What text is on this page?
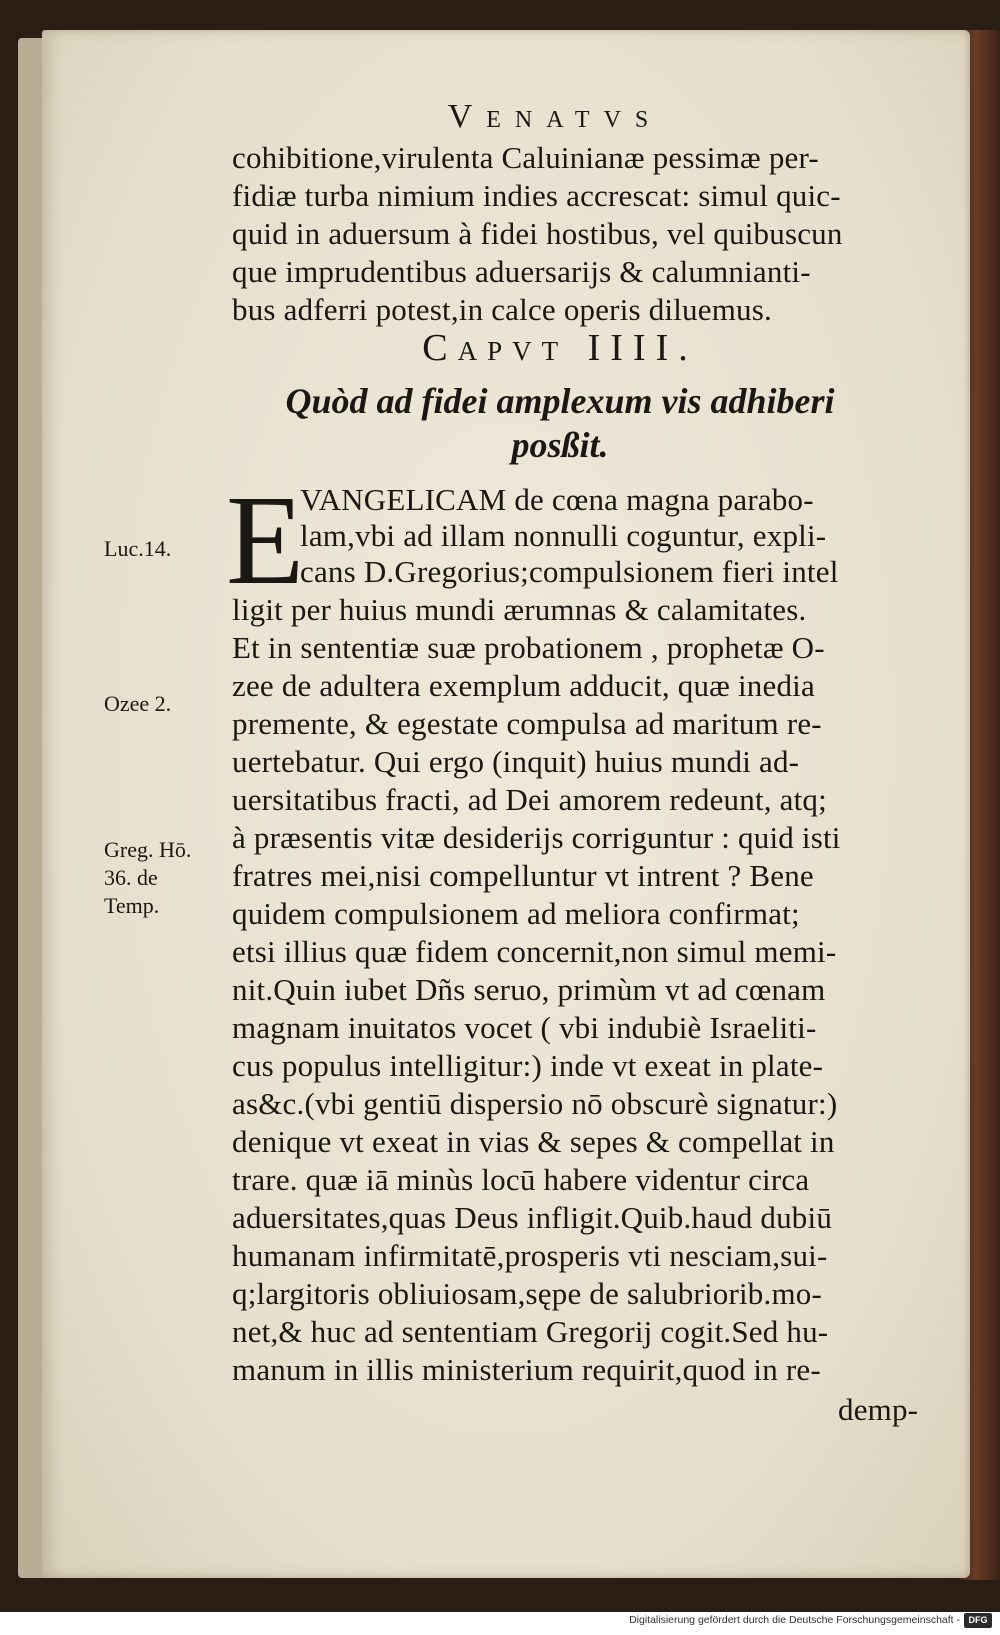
Venatvs
cohibitione,virulenta Caluinianæ pessimæ per-
fidiæ turba nimium indies accrescat: simul quic-
quid in aduersum à fidei hostibus, vel quibuscun
que imprudentibus aduersarijs & calumnianti-
bus adferri potest,in calce operis diluemus.
Capvt IIII.
Quòd ad fidei amplexum vis adhiberi
posßit.
E
VANGELICAM de cœna magna parabo-
lam,vbi ad illam nonnulli coguntur, expli-
cans D.Gregorius;compulsionem fieri intel
ligit per huius mundi ærumnas & calamitates.
Et in sententiæ suæ probationem , prophetæ O-
zee de adultera exemplum adducit, quæ inedia
premente, & egestate compulsa ad maritum re-
uertebatur. Qui ergo (inquit) huius mundi ad-
uersitatibus fracti, ad Dei amorem redeunt, atq;
à præsentis vitæ desiderijs corriguntur : quid isti
fratres mei,nisi compelluntur vt intrent ? Bene
quidem compulsionem ad meliora confirmat;
etsi illius quæ fidem concernit,non simul memi-
nit.Quin iubet Dñs seruo, primùm vt ad cœnam
magnam inuitatos vocet ( vbi indubiè Israeliti-
cus populus intelligitur:) inde vt exeat in plate-
as&c.(vbi gentiū dispersio nō obscurè signatur:)
denique vt exeat in vias & sepes & compellat in
trare. quæ iā minùs locū habere videntur circa
aduersitates,quas Deus infligit.Quib.haud dubiū
humanam infirmitatē,prosperis vti nesciam,sui-
q;largitoris obliuiosam,sępe de salubriorib.mo-
net,& huc ad sententiam Gregorij cogit.Sed hu-
manum in illis ministerium requirit,quod in re-
demp-
Luc.14.
Ozee 2.
Greg. Hō.
36. de
Temp.
Digitalisierung gefördert durch die Deutsche Forschungsgemeinschaft - DFG
